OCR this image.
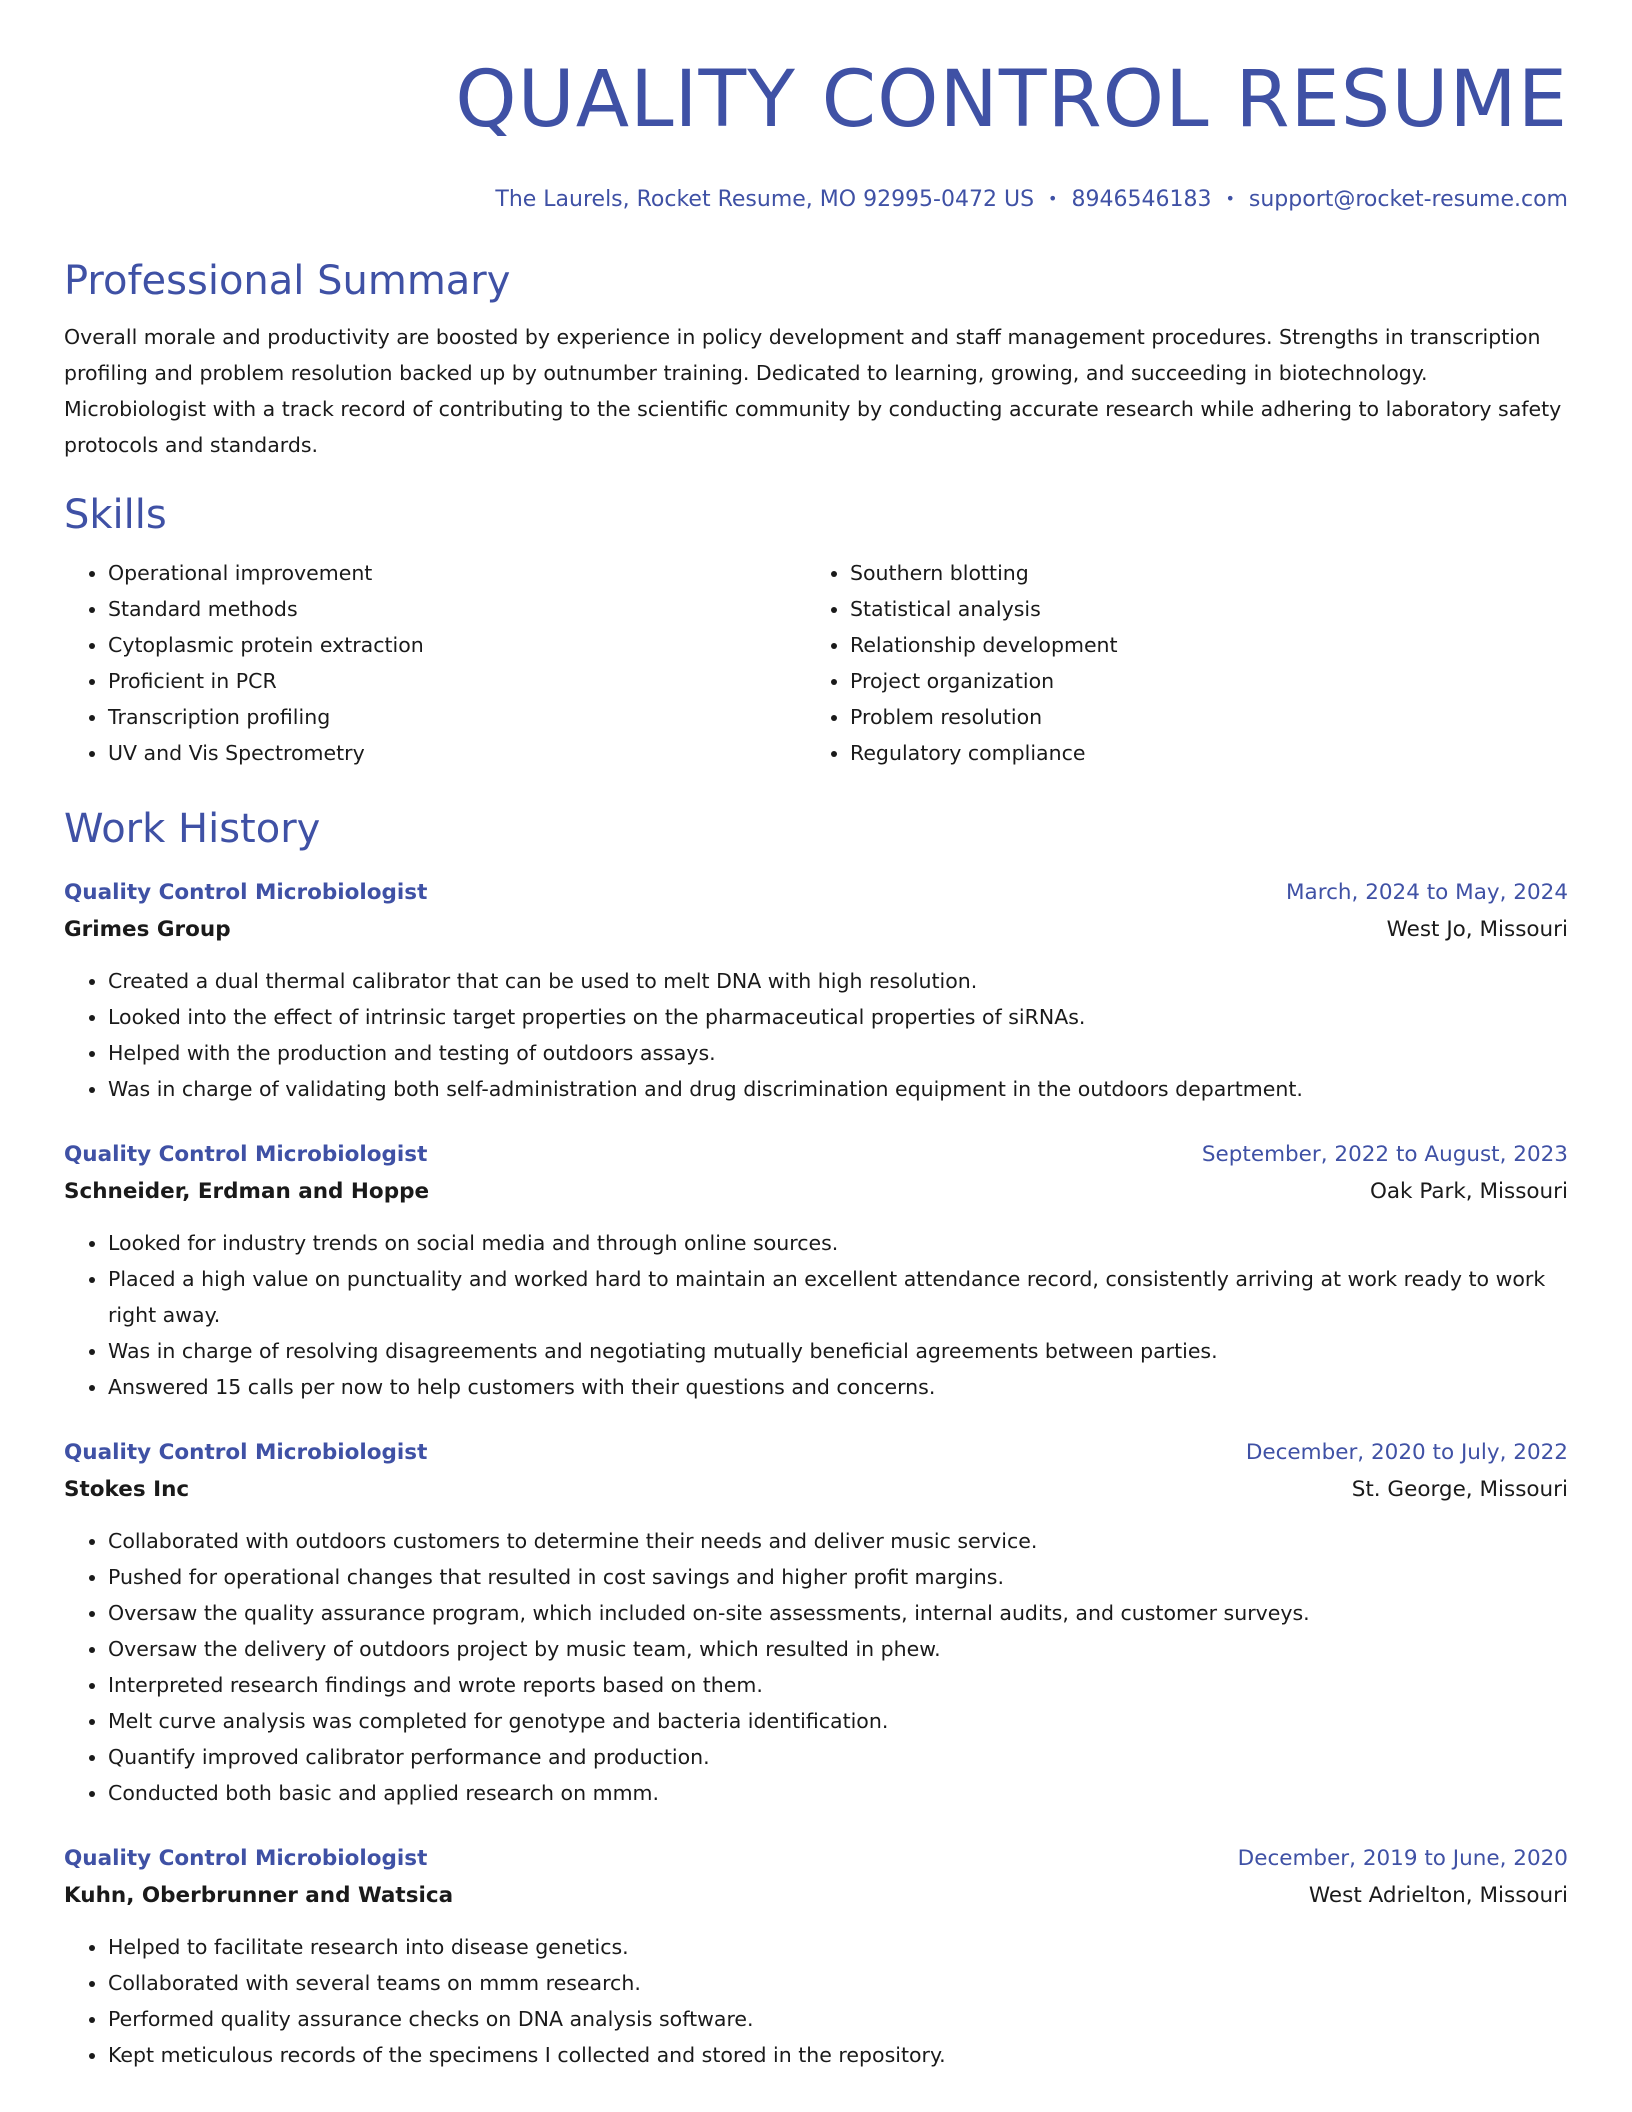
QUALITY CONTROL RESUME
The Laurels, Rocket Resume, MO 92995-0472 US • 8946546183 • support@rocket-resume.com
Professional Summary

Overall morale and productivity are boosted by experience in policy development and staff management procedures. Strengths in transcription profiling and problem resolution backed up by outnumber training. Dedicated to learning, growing, and succeeding in biotechnology. Microbiologist with a track record of contributing to the scientific community by conducting accurate research while adhering to laboratory safety protocols and standards.

Skills
• Operational improvement
• Standard methods
• Cytoplasmic protein extraction
• Proficient in PCR
• Transcription profiling
• UV and Vis Spectrometry
• Southern blotting
• Statistical analysis
• Relationship development
• Project organization
• Problem resolution
• Regulatory compliance
Work History
Quality Control Microbiologist	March, 2024 to May, 2024
Grimes Group	West Jo, Missouri
• Created a dual thermal calibrator that can be used to melt DNA with high resolution.
• Looked into the effect of intrinsic target properties on the pharmaceutical properties of siRNAs.
• Helped with the production and testing of outdoors assays.
• Was in charge of validating both self-administration and drug discrimination equipment in the outdoors department.
Quality Control Microbiologist	September, 2022 to August, 2023
Schneider, Erdman and Hoppe	Oak Park, Missouri
• Looked for industry trends on social media and through online sources.
• Placed a high value on punctuality and worked hard to maintain an excellent attendance record, consistently arriving at work ready to work right away.
• Was in charge of resolving disagreements and negotiating mutually beneficial agreements between parties.
• Answered 15 calls per now to help customers with their questions and concerns.
Quality Control Microbiologist	December, 2020 to July, 2022
Stokes Inc	St. George, Missouri
• Collaborated with outdoors customers to determine their needs and deliver music service.
• Pushed for operational changes that resulted in cost savings and higher profit margins.
• Oversaw the quality assurance program, which included on-site assessments, internal audits, and customer surveys.
• Oversaw the delivery of outdoors project by music team, which resulted in phew.
• Interpreted research findings and wrote reports based on them.
• Melt curve analysis was completed for genotype and bacteria identification.
• Quantify improved calibrator performance and production.
• Conducted both basic and applied research on mmm.
Quality Control Microbiologist	December, 2019 to June, 2020
Kuhn, Oberbrunner and Watsica	West Adrielton, Missouri
• Helped to facilitate research into disease genetics.
• Collaborated with several teams on mmm research.
• Performed quality assurance checks on DNA analysis software.
• Kept meticulous records of the specimens I collected and stored in the repository.
